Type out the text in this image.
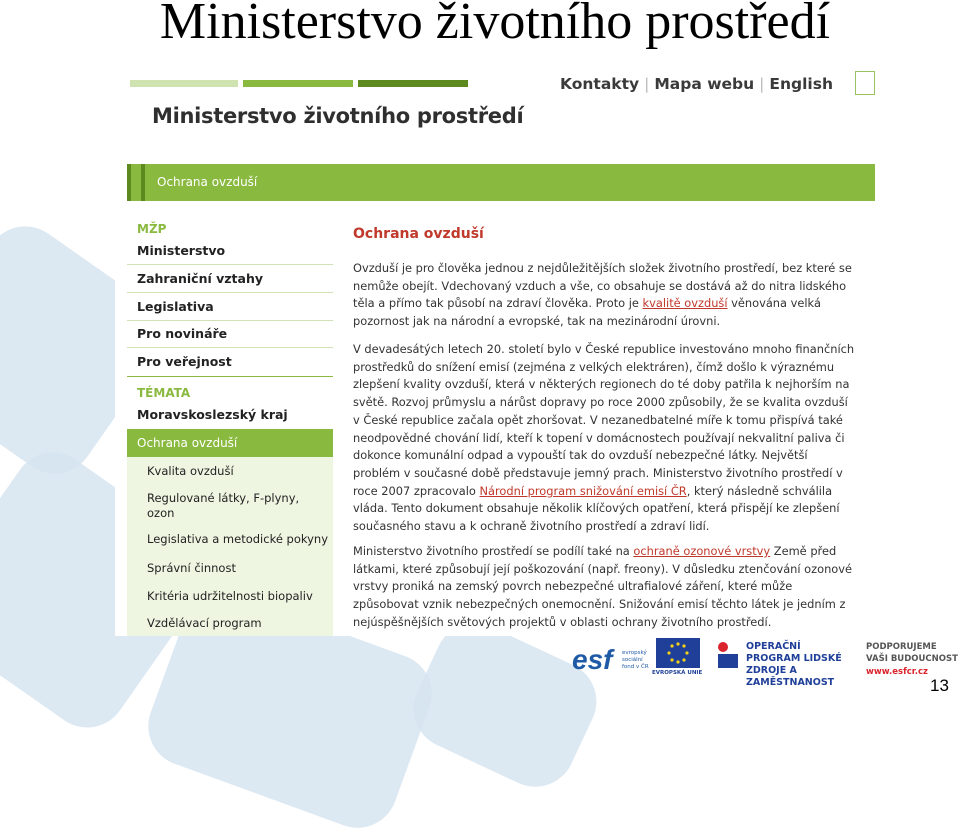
Ministerstvo životního prostředí
Ministerstvo životního prostředí
Kontakty | Mapa webu | English
Ochrana ovzduší
MŽP
Ministerstvo
Zahraniční vztahy
Legislativa
Pro novináře
Pro veřejnost
TÉMATA
Moravskoslezský kraj
Ochrana ovzduší
Kvalita ovzduší
Regulované látky, F-plyny, ozon
Legislativa a metodické pokyny
Správní činnost
Kritéria udržitelnosti biopaliv
Vzdělávací program
Ochrana ovzduší
Ovzduší je pro člověka jednou z nejdůležitějších složek životního prostředí, bez které se nemůže obejít. Vdechovaný vzduch a vše, co obsahuje se dostává až do nitra lidského těla a přímo tak působí na zdraví člověka. Proto je kvalitě ovzduší věnována velká pozornost jak na národní a evropské, tak na mezinárodní úrovni.
V devadesátých letech 20. století bylo v České republice investováno mnoho finančních prostředků do snížení emisí (zejména z velkých elektráren), čímž došlo k výraznému zlepšení kvality ovzduší, která v některých regionech do té doby patřila k nejhorším na světě. Rozvoj průmyslu a nárůst dopravy po roce 2000 způsobily, že se kvalita ovzduší v České republice začala opět zhoršovat. V nezanedbatelné míře k tomu přispívá také neodpovědné chování lidí, kteří k topení v domácnostech používají nekvalitní paliva či dokonce komunální odpad a vypouští tak do ovzduší nebezpečné látky. Největší problém v současné době představuje jemný prach. Ministerstvo životního prostředí v roce 2007 zpracovalo Národní program snižování emisí ČR, který následně schválila vláda. Tento dokument obsahuje několik klíčových opatření, která přispějí ke zlepšení současného stavu a k ochraně životního prostředí a zdraví lidí.
Ministerstvo životního prostředí se podílí také na ochraně ozonové vrstvy Země před látkami, které způsobují její poškozování (např. freony). V důsledku ztenčování ozonové vrstvy proniká na zemský povrch nebezpečné ultrafialové záření, které může způsobovat vznik nebezpečných onemocnění. Snižování emisí těchto látek je jedním z nejúspěšnějších světových projektů v oblasti ochrany životního prostředí.
esf	evropský sociální fond v ČR
EVROPSKÁ UNIE
OPERAČNÍ PROGRAM LIDSKÉ ZDROJE A ZAMĚSTNANOST
PODPORUJEME VAŠI BUDOUCNOST
www.esfcr.cz
13
